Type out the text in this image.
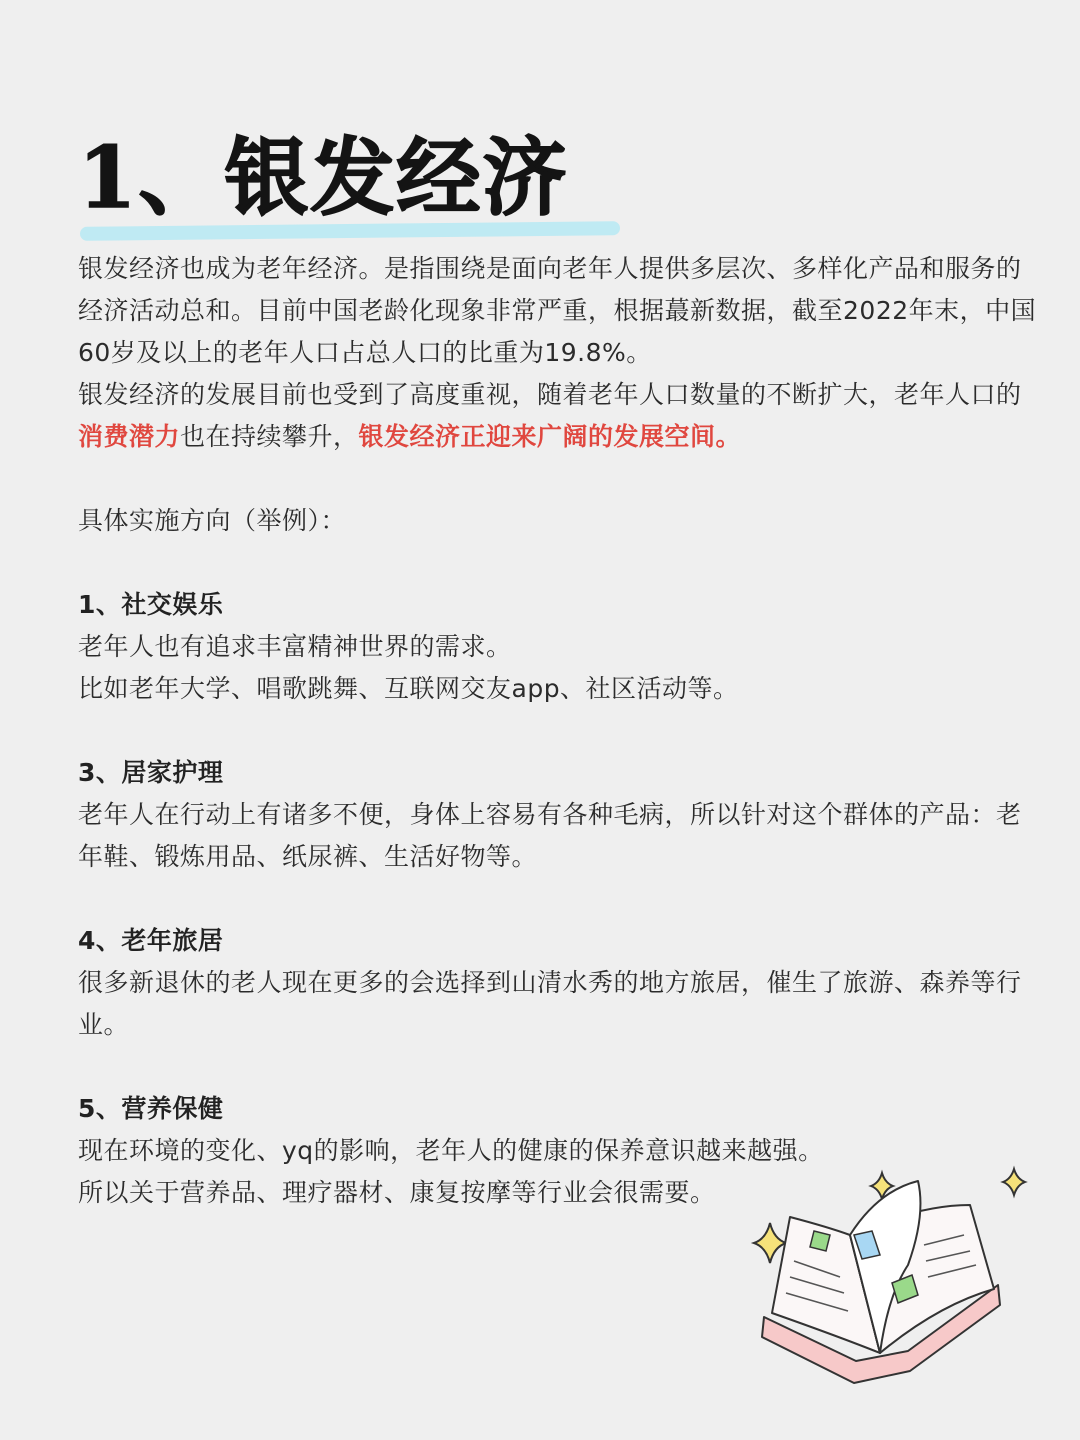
1、银发经济

银发经济也成为老年经济。是指围绕是面向老年人提供多层次、多样化产品和服务的经济活动总和。目前中国老龄化现象非常严重，根据蕞新数据，截至2022年末，中国60岁及以上的老年人口占总人口的比重为19.8%。

银发经济的发展目前也受到了高度重视，随着老年人口数量的不断扩大，老年人口的消费潜力也在持续攀升，银发经济正迎来广阔的发展空间。

具体实施方向（举例）：

1、社交娱乐

老年人也有追求丰富精神世界的需求。

比如老年大学、唱歌跳舞、互联网交友app、社区活动等。

3、居家护理

老年人在行动上有诸多不便，身体上容易有各种毛病，所以针对这个群体的产品：老年鞋、锻炼用品、纸尿裤、生活好物等。

4、老年旅居

很多新退休的老人现在更多的会选择到山清水秀的地方旅居，催生了旅游、森养等行业。

5、营养保健

现在环境的变化、yq的影响，老年人的健康的保养意识越来越强。

所以关于营养品、理疗器材、康复按摩等行业会很需要。
